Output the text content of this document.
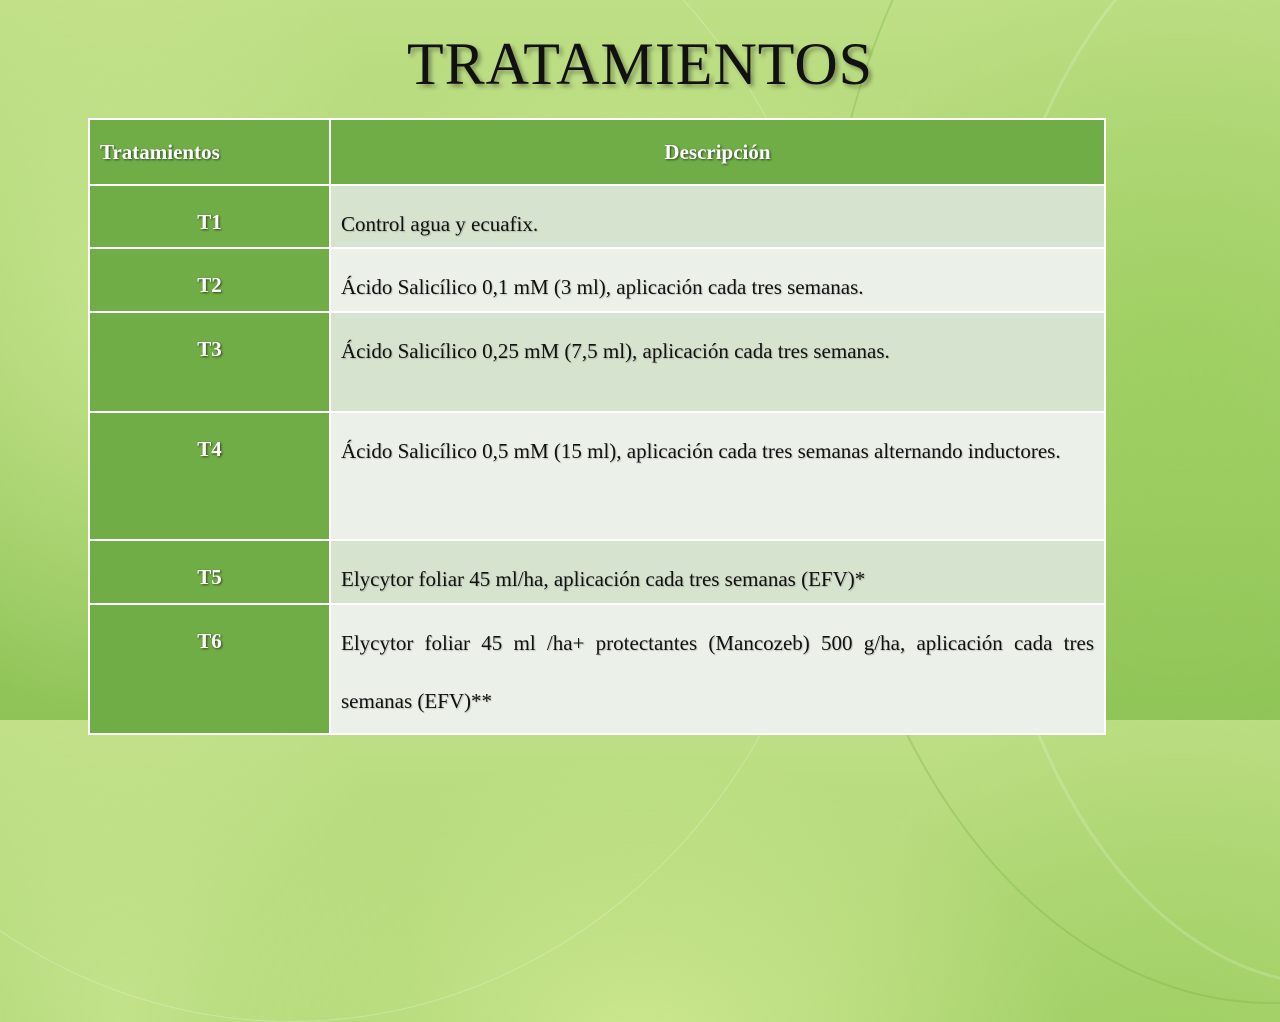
TRATAMIENTOS
Tratamientos	Descripción
T1	Control agua y ecuafix.

T2	Ácido Salicílico 0,1 mM (3 ml), aplicación cada tres semanas.

T3	Ácido Salicílico 0,25 mM (7,5 ml), aplicación cada tres semanas.

T4	Ácido Salicílico 0,5 mM (15 ml), aplicación cada tres semanas alternando inductores.

T5	Elycytor foliar 45 ml/ha, aplicación cada tres semanas (EFV)*

T6	Elycytor foliar 45 ml /ha+ protectantes (Mancozeb) 500 g/ha, aplicación cada tres semanas (EFV)**
